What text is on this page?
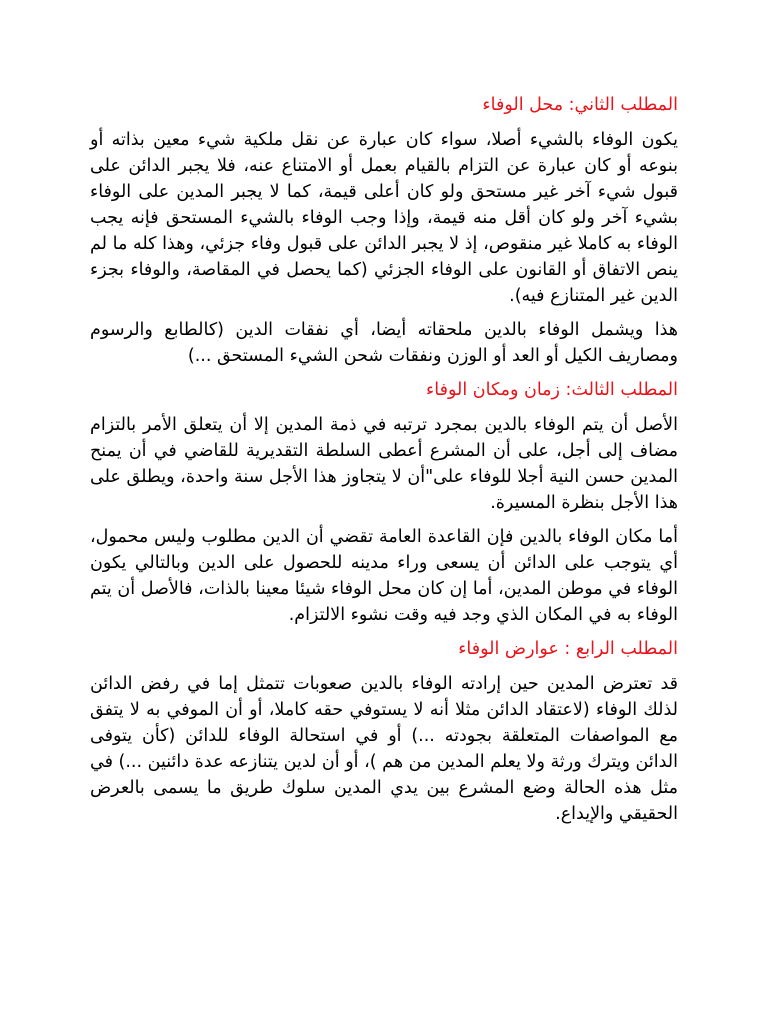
المطلب الثاني: محل الوفاء

يكون الوفاء بالشيء أصلا، سواء كان عبارة عن نقل ملكية شيء معين بذاته أو بنوعه أو كان عبارة عن التزام بالقيام بعمل أو الامتناع عنه، فلا يجبر الدائن على قبول شيء آخر غير مستحق ولو كان أعلى قيمة، كما لا يجبر المدين على الوفاء بشيء آخر ولو كان أقل منه قيمة، وإذا وجب الوفاء بالشيء المستحق فإنه يجب الوفاء به كاملا غير منقوص، إذ لا يجبر الدائن على قبول وفاء جزئي، وهذا كله ما لم ينص الاتفاق أو القانون على الوفاء الجزئي (كما يحصل في المقاصة، والوفاء بجزء الدين غير المتنازع فيه).

هذا ويشمل الوفاء بالدين ملحقاته أيضا، أي نفقات الدين (كالطابع والرسوم ومصاريف الكيل أو العد أو الوزن ونفقات شحن الشيء المستحق ...)

المطلب الثالث: زمان ومكان الوفاء

الأصل أن يتم الوفاء بالدين بمجرد ترتبه في ذمة المدين إلا أن يتعلق الأمر بالتزام مضاف إلى أجل، على أن المشرع أعطى السلطة التقديرية للقاضي في أن يمنح المدين حسن النية أجلا للوفاء على"أن لا يتجاوز هذا الأجل سنة واحدة، ويطلق على هذا الأجل بنظرة المسيرة.

أما مكان الوفاء بالدين فإن القاعدة العامة تقضي أن الدين مطلوب وليس محمول، أي يتوجب على الدائن أن يسعى وراء مدينه للحصول على الدين وبالتالي يكون الوفاء في موطن المدين، أما إن كان محل الوفاء شيئا معينا بالذات، فالأصل أن يتم الوفاء به في المكان الذي وجد فيه وقت نشوء الالتزام.

المطلب الرابع : عوارض الوفاء

قد تعترض المدين حين إرادته الوفاء بالدين صعوبات تتمثل إما في رفض الدائن لذلك الوفاء (لاعتقاد الدائن مثلا أنه لا يستوفي حقه كاملا، أو أن الموفي به لا يتفق مع المواصفات المتعلقة بجودته ...) أو في استحالة الوفاء للدائن (كأن يتوفى الدائن ويترك ورثة ولا يعلم المدين من هم )، أو أن لدين يتنازعه عدة دائنين ...) في مثل هذه الحالة وضع المشرع بين يدي المدين سلوك طريق ما يسمى بالعرض الحقيقي والإيداع.
